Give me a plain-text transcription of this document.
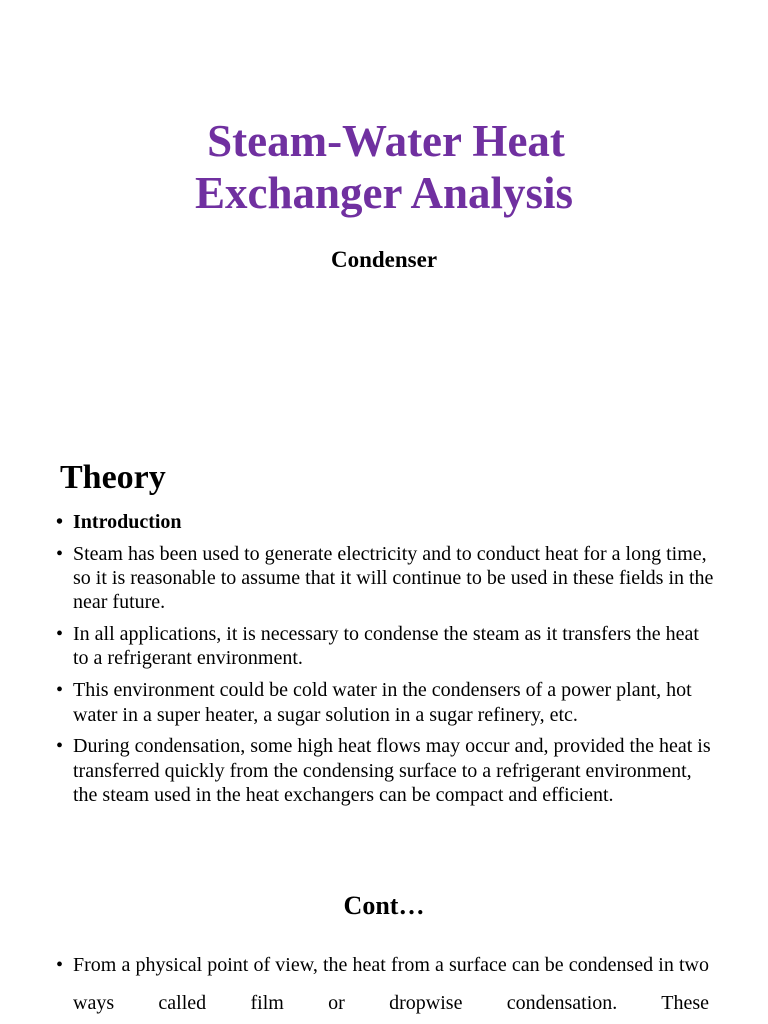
Steam-Water Heat
Exchanger Analysis
Condenser
Theory
• Introduction
• Steam has been used to generate electricity and to conduct heat for a long time, so it is reasonable to assume that it will continue to be used in these fields in the near future.
• In all applications, it is necessary to condense the steam as it transfers the heat to a refrigerant environment.
• This environment could be cold water in the condensers of a power plant, hot water in a super heater, a sugar solution in a sugar refinery, etc.
• During condensation, some high heat flows may occur and, provided the heat is transferred quickly from the condensing surface to a refrigerant environment, the steam used in the heat exchangers can be compact and efficient.
Cont…
• From a physical point of view, the heat from a surface can be condensed in two ways called film or dropwise condensation. These
